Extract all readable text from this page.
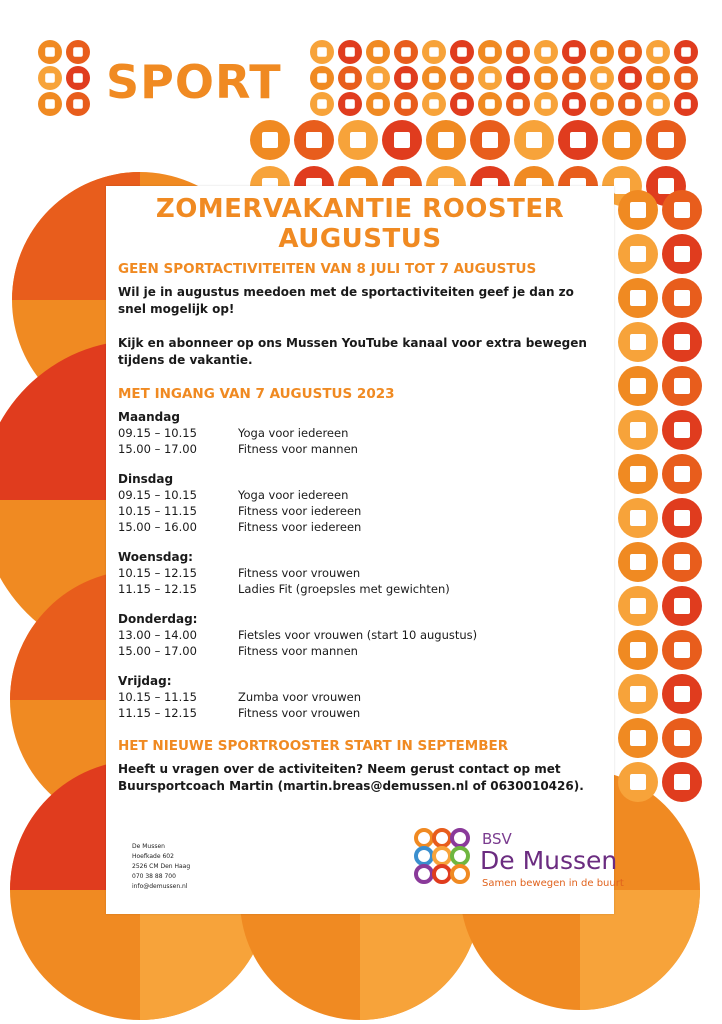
SPORT
ZOMERVAKANTIE ROOSTER
AUGUSTUS
GEEN SPORTACTIVITEITEN VAN 8 JULI TOT 7 AUGUSTUS

Wil je in augustus meedoen met de sportactiviteiten geef je dan zo snel mogelijk op!

Kijk en abonneer op ons Mussen YouTube kanaal voor extra bewegen tijdens de vakantie.

MET INGANG VAN 7 AUGUSTUS 2023
Maandag
09.15 – 10.15	Yoga voor iedereen
15.00 – 17.00	Fitness voor mannen
Dinsdag
09.15 – 10.15	Yoga voor iedereen
10.15 – 11.15	Fitness voor iedereen
15.00 – 16.00	Fitness voor iedereen
Woensdag:
10.15 – 12.15	Fitness voor vrouwen
11.15 – 12.15	Ladies Fit (groepsles met gewichten)
Donderdag:
13.00 – 14.00	Fietsles voor vrouwen (start 10 augustus)
15.00 – 17.00	Fitness voor mannen
Vrijdag:
10.15 – 11.15	Zumba voor vrouwen
11.15 – 12.15	Fitness voor vrouwen
HET NIEUWE SPORTROOSTER START IN SEPTEMBER

Heeft u vragen over de activiteiten? Neem gerust contact op met Buursportcoach Martin (martin.breas@demussen.nl of 0630010426).

De Mussen
Hoefkade 602
2526 CM Den Haag
070 38 88 700
info@demussen.nl
BSV
De Mussen
Samen bewegen in de buurt
